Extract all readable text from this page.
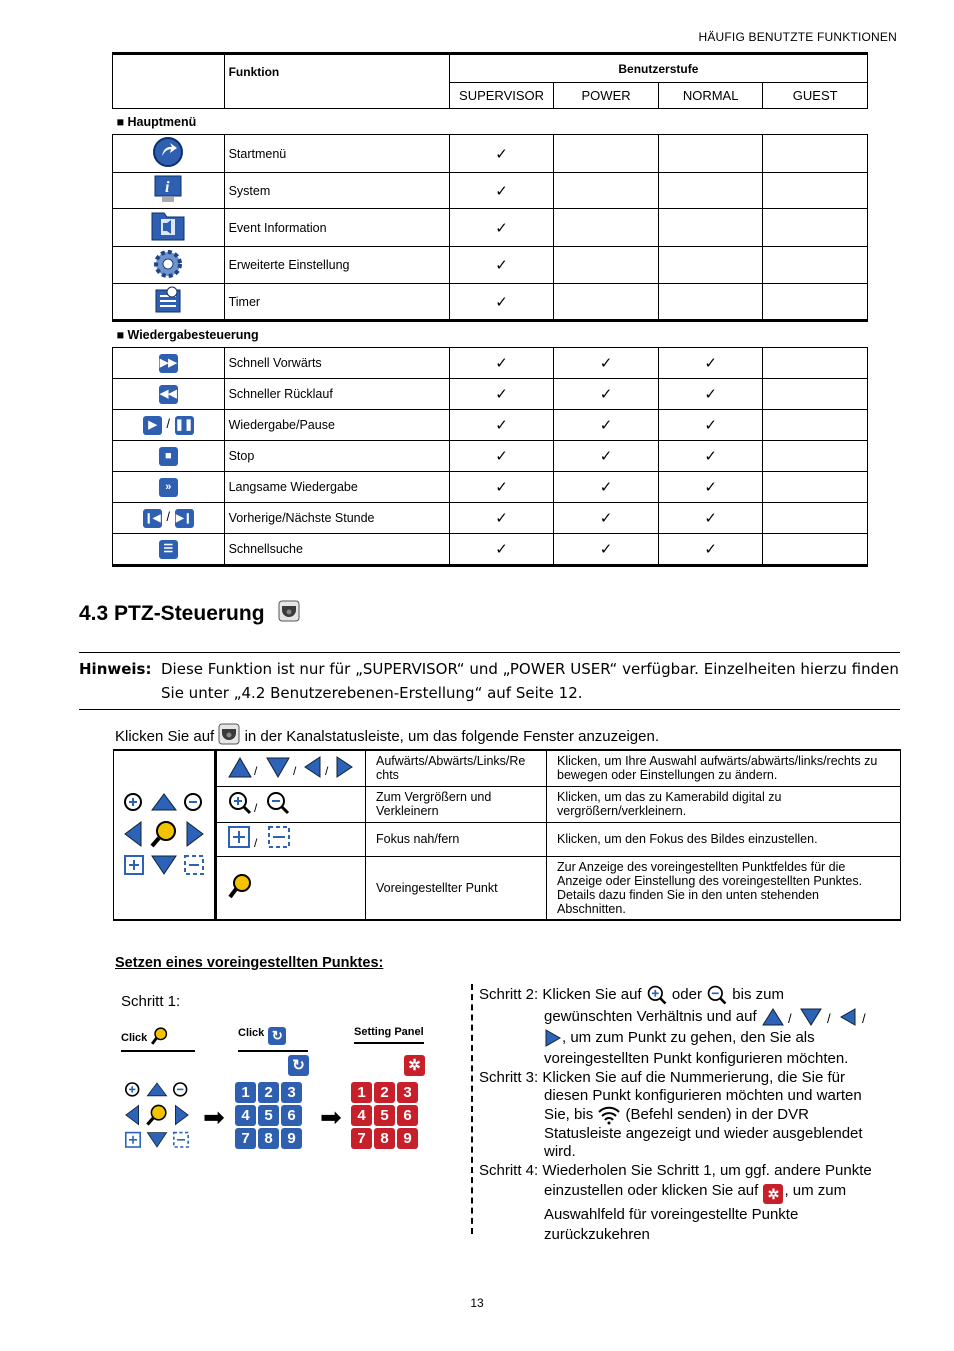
HÄUFIG BENUTZTE FUNKTIONEN
	Funktion	Benutzerstufe			
		SUPERVISOR	POWER	NORMAL	GUEST
■ Hauptmenü					
	Startmenü	✓			

i	System	✓			
	Event Information	✓			
	Erweiterte Einstellung	✓			
	Timer	✓			
■ Wiedergabesteuerung					
▶▶	Schnell Vorwärts	✓	✓	✓	
◀◀	Schneller Rücklauf	✓	✓	✓	
▶ / ❚❚	Wiedergabe/Pause	✓	✓	✓	
■	Stop	✓	✓	✓	
»	Langsame Wiedergabe	✓	✓	✓	
❙◀ / ▶❙	Vorherige/Nächste Stunde	✓	✓	✓	
☰	Schnellsuche	✓	✓	✓	
4.3 PTZ-Steuerung
Hinweis: Diese Funktion ist nur für „SUPERVISOR“ und „POWER USER“ verfügbar. Einzelheiten hierzu finden Sie unter „4.2 Benutzerebenen-Erstellung“ auf Seite 12.
Klicken Sie auf in der Kanalstatusleiste, um das folgende Fenster anzuzeigen.

/ / /	Aufwärts/Abwärts/Links/Re chts	Klicken, um Ihre Auswahl aufwärts/abwärts/links/rechts zu bewegen oder Einstellungen zu ändern.

/	Zum Vergrößern und Verkleinern	Klicken, um das zu Kamerabild digital zu vergrößern/verkleinern.

/	Fokus nah/fern	Klicken, um den Fokus des Bildes einzustellen.
	Voreingestellter Punkt	Zur Anzeige des voreingestellten Punktfeldes für die Anzeige oder Einstellung des voreingestellten Punktes. Details dazu finden Sie in den unten stehenden Abschnitten.
Setzen eines voreingestellten Punktes:
Schritt 1:
Click	Click ↻	Setting Panel
➡
↻
1 2 3
4 5 6
7 8 9

➡
✲
1 2 3
4 5 6
7 8 9

Schritt 2: Klicken Sie auf oder bis zum
gewünschten Verhältnis und auf /	/ /

, um zum Punkt zu gehen, den Sie als
voreingestellten Punkt konfigurieren möchten.
Schritt 3: Klicken Sie auf die Nummerierung, die Sie für
diesen Punkt konfigurieren möchten und warten
Sie, bis (Befehl senden) in der DVR
Statusleiste angezeigt und wieder ausgeblendet
wird.
Schritt 4: Wiederholen Sie Schritt 1, um ggf. andere Punkte
einzustellen oder klicken Sie auf ✲ , um zum
Auswahlfeld für voreingestellte Punkte
zurückzukehren
13
